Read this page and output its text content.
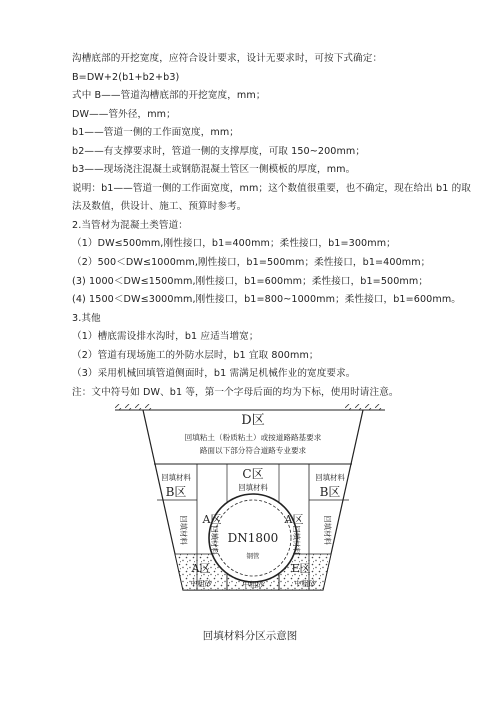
沟槽底部的开挖宽度，应符合设计要求，设计无要求时，可按下式确定：
B=DW+2(b1+b2+b3)
式中 B——管道沟槽底部的开挖宽度，mm；
DW——管外径，mm；
b1——管道一侧的工作面宽度，mm；
b2——有支撑要求时，管道一侧的支撑厚度，可取 150~200mm；
b3——现场浇注混凝土或钢筋混凝土管区一侧模板的厚度，mm。
说明：b1——管道一侧的工作面宽度，mm；这个数值很重要，也不确定，现在给出 b1 的取法及数值，供设计、施工、预算时参考。
2.当管材为混凝土类管道：
（1）DW≤500mm,刚性接口，b1=400mm；柔性接口，b1=300mm；
（2）500＜DW≤1000mm,刚性接口，b1=500mm；柔性接口，b1=400mm；
(3) 1000＜DW≤1500mm,刚性接口，b1=600mm；柔性接口，b1=500mm；
(4) 1500＜DW≤3000mm,刚性接口，b1=800~1000mm；柔性接口，b1=600mm。
3.其他
（1）槽底需设排水沟时，b1 应适当增宽；
（2）管道有现场施工的外防水层时，b1 宜取 800mm；
（3）采用机械回填管道侧面时，b1 需满足机械作业的宽度要求。
注：文中符号如 DW、b1 等，第一个字母后面的均为下标，使用时请注意。
D区
回填粘土（粉质粘土）或按道路路基要求
路面以下部分符合道路专业要求
C区
回填材料
回填材料
B区
回填材料
B区
A区	A区
回填材料	回填材料
回填材料	回填材料
DN1800
钢管
A区
中粗砂	中粗砂
E区
中粗砂
回填材料分区示意图
